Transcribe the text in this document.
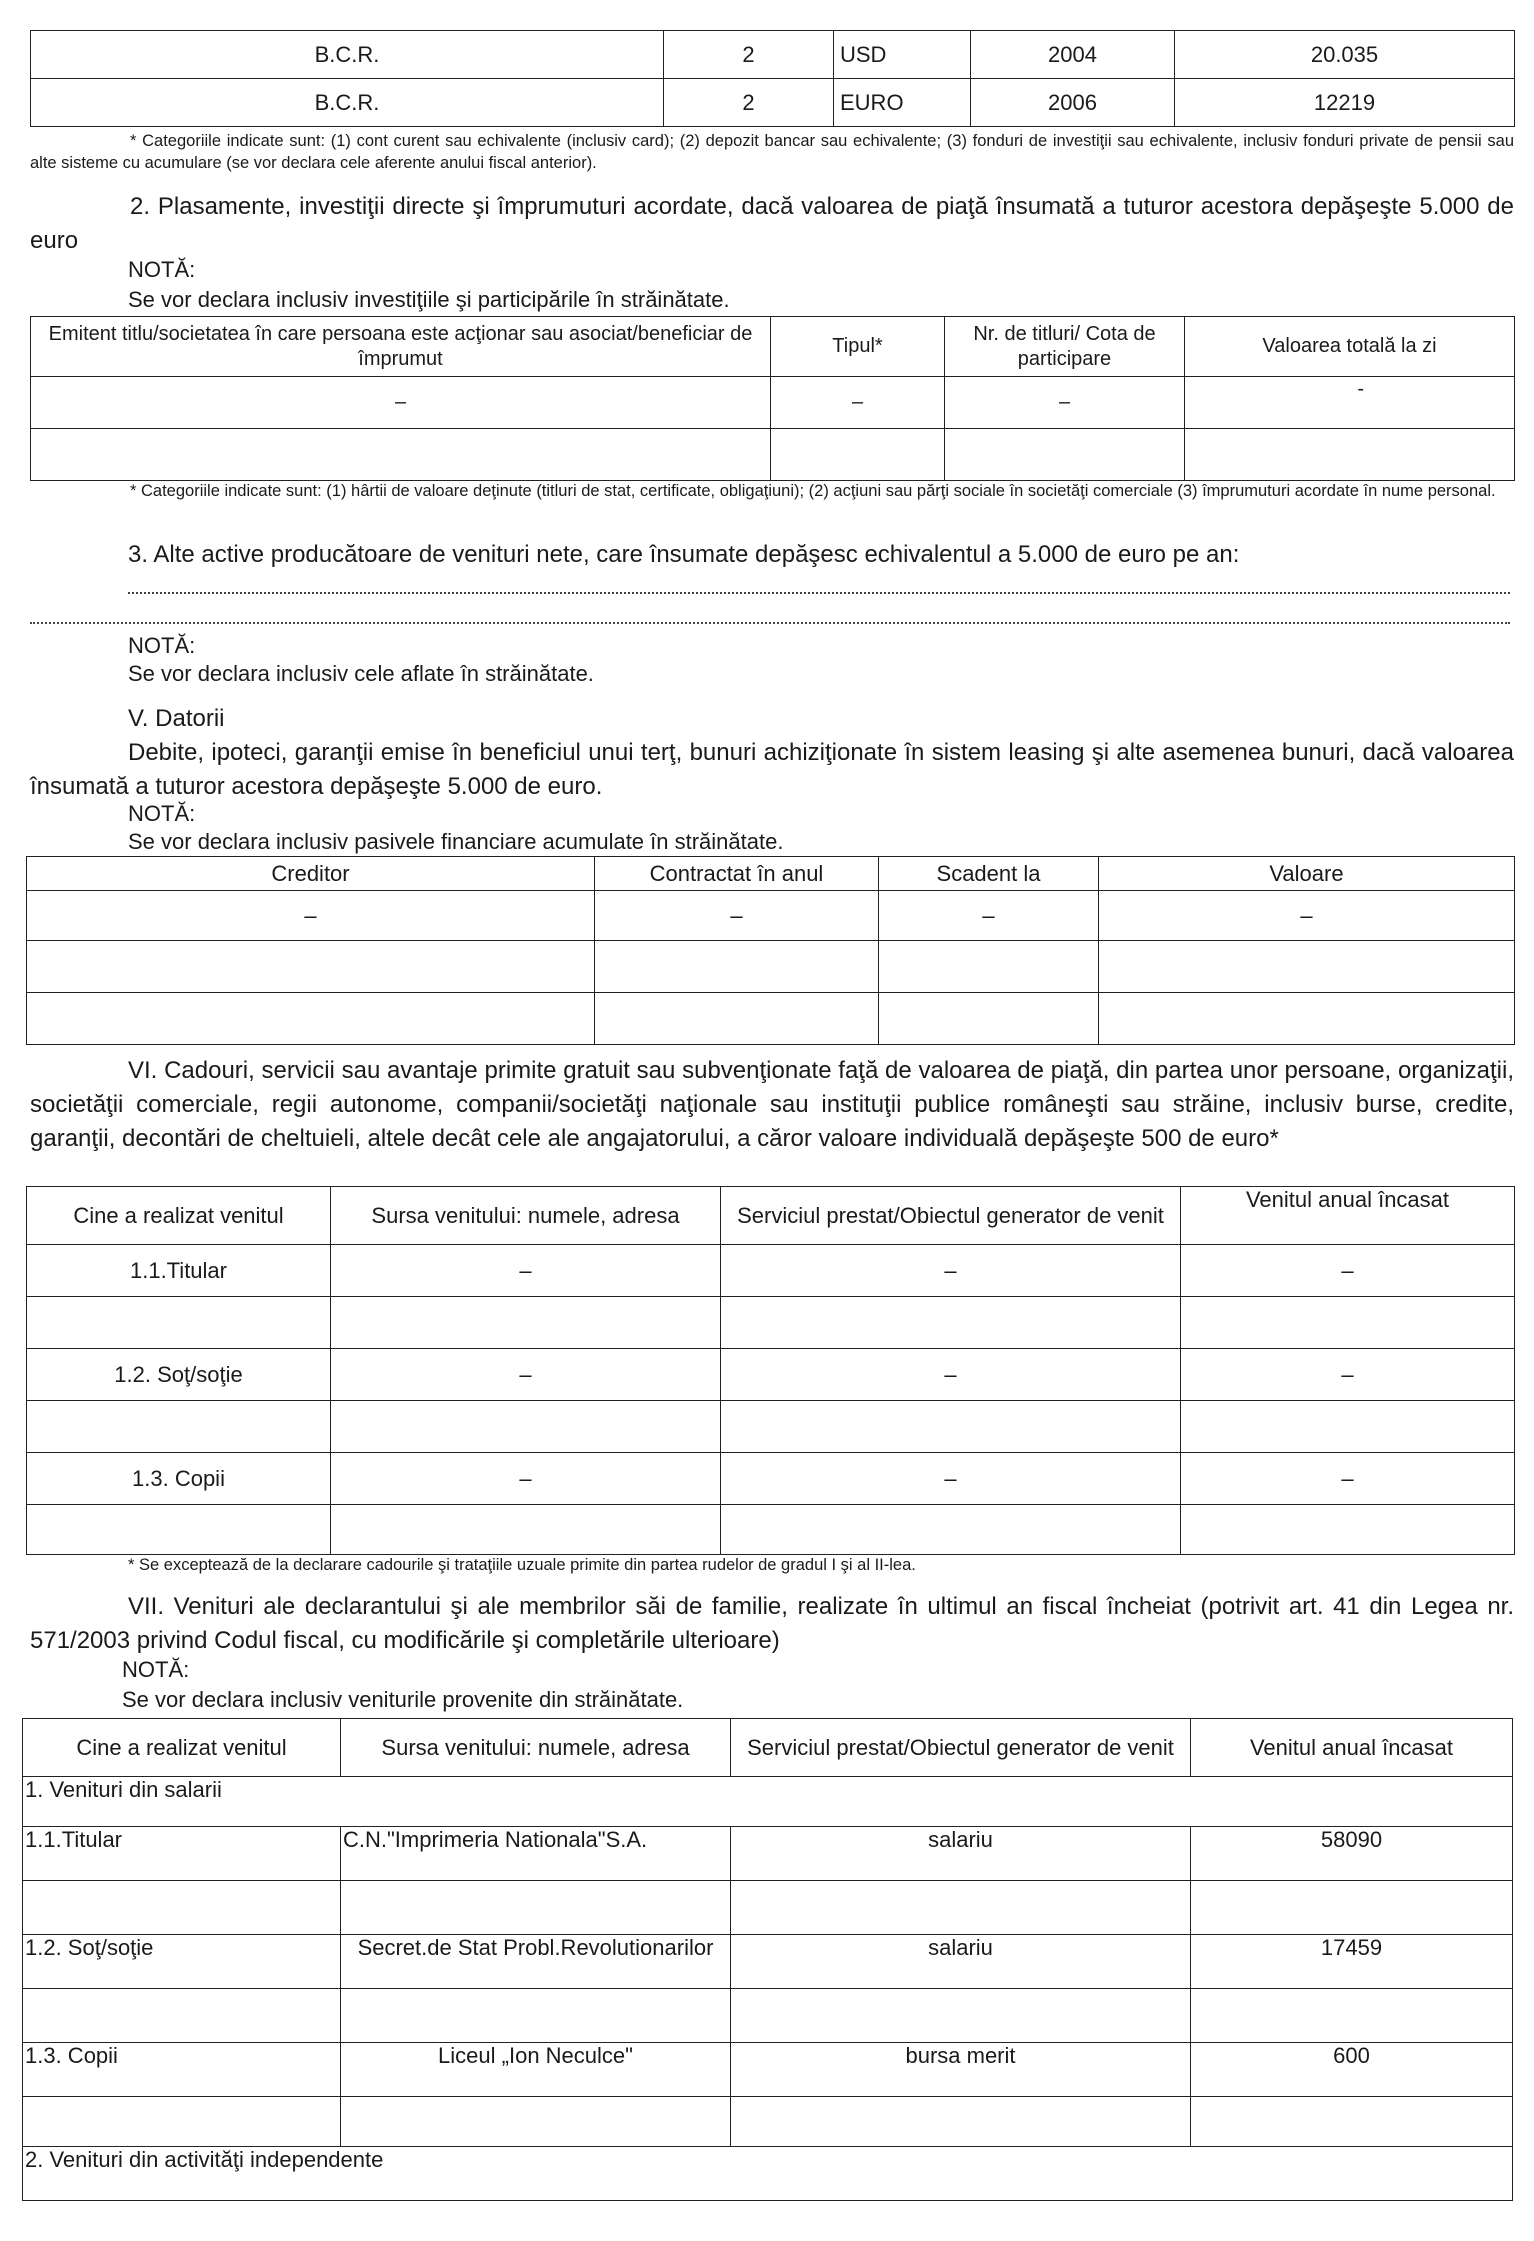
B.C.R.	2	USD	2004	20.035
B.C.R.	2	EURO	2006	12219
* Categoriile indicate sunt: (1) cont curent sau echivalente (inclusiv card); (2) depozit bancar sau echivalente; (3) fonduri de investiţii sau echivalente, inclusiv fonduri private de pensii sau alte sisteme cu acumulare (se vor declara cele aferente anului fiscal anterior).
2. Plasamente, investiţii directe şi împrumuturi acordate, dacă valoarea de piaţă însumată a tuturor acestora depăşeşte 5.000 de euro
NOTĂ:
Se vor declara inclusiv investiţiile şi participările în străinătate.
Emitent titlu/societatea în care persoana este acţionar sau asociat/beneficiar de împrumut	Tipul*	Nr. de titluri/ Cota de participare	Valoarea totală la zi
–	–	–	-

* Categoriile indicate sunt: (1) hârtii de valoare deţinute (titluri de stat, certificate, obligaţiuni); (2) acţiuni sau părţi sociale în societăţi comerciale (3) împrumuturi acordate în nume personal.
3. Alte active producătoare de venituri nete, care însumate depăşesc echivalentul a 5.000 de euro pe an:
NOTĂ:
Se vor declara inclusiv cele aflate în străinătate.
V. Datorii
Debite, ipoteci, garanţii emise în beneficiul unui terţ, bunuri achiziţionate în sistem leasing şi alte asemenea bunuri, dacă valoarea însumată a tuturor acestora depăşeşte 5.000 de euro.
NOTĂ:
Se vor declara inclusiv pasivele financiare acumulate în străinătate.
Creditor	Contractat în anul	Scadent la	Valoare
–	–	–	–

VI. Cadouri, servicii sau avantaje primite gratuit sau subvenţionate faţă de valoarea de piaţă, din partea unor persoane, organizaţii, societăţii comerciale, regii autonome, companii/societăţi naţionale sau instituţii publice româneşti sau străine, inclusiv burse, credite, garanţii, decontări de cheltuieli, altele decât cele ale angajatorului, a căror valoare individuală depăşeşte 500 de euro*
Cine a realizat venitul	Sursa venitului: numele, adresa	Serviciul prestat/Obiectul generator de venit	Venitul anual încasat
1.1.Titular	–	–	–

1.2. Soţ/soţie	–	–	–

1.3. Copii	–	–	–

* Se exceptează de la declarare cadourile şi trataţiile uzuale primite din partea rudelor de gradul I şi al II-lea.
VII. Venituri ale declarantului şi ale membrilor săi de familie, realizate în ultimul an fiscal încheiat (potrivit art. 41 din Legea nr. 571/2003 privind Codul fiscal, cu modificările şi completările ulterioare)
NOTĂ:
Se vor declara inclusiv veniturile provenite din străinătate.
Cine a realizat venitul	Sursa venitului: numele, adresa	Serviciul prestat/Obiectul generator de venit	Venitul anual încasat
1. Venituri din salarii			
1.1.Titular	C.N."Imprimeria Nationala"S.A.	salariu	58090

1.2. Soţ/soţie	Secret.de Stat Probl.Revolutionarilor	salariu	17459

1.3. Copii	Liceul „Ion Neculce"	bursa merit	600

2. Venituri din activităţi independente			
